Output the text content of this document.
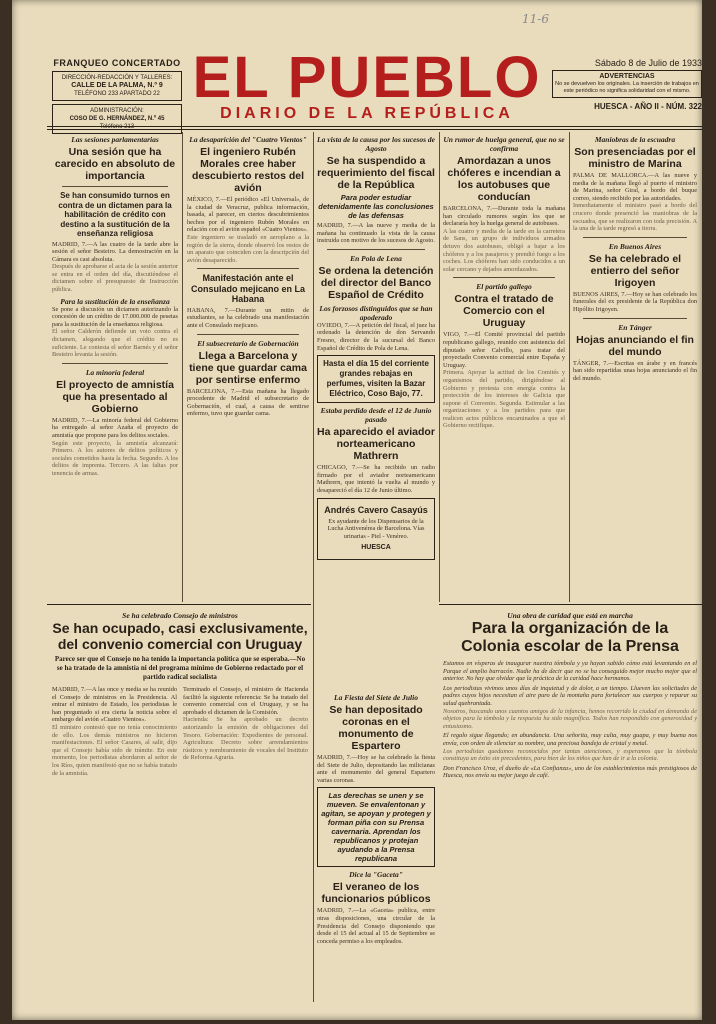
11-6
FRANQUEO CONCERTADO
DIRECCIÓN-REDACCIÓN Y TALLERES:
CALLE DE LA PALMA, N.º 9
TELÉFONO 233 APARTADO 22
ADMINISTRACIÓN:
COSO DE G. HERNÁNDEZ, N.º 45
Teléfono 213
EL PUEBLO
DIARIO DE LA REPÚBLICA
Sábado 8 de Julio de 1933
ADVERTENCIAS
No se devuelven los originales. La inserción de trabajos en este periódico no significa solidaridad con el mismo.
HUESCA - AÑO II - NÚM. 322
Las sesiones parlamentarias
Una sesión que ha carecido en absoluto de importancia
Se han consumido turnos en contra de un dictamen para la habilitación de crédito con destino a la sustitución de la enseñanza religiosa
MADRID, 7.—A las cuatro de la tarde abre la sesión el señor Besteiro. La demostración en la Cámara es casi absoluta.
Después de aprobarse el acta de la sesión anterior se entra en el orden del día, discutiéndose el dictamen sobre el presupuesto de Instrucción pública.
Para la sustitución de la enseñanza
Se pone a discusión un dictamen autorizando la concesión de un crédito de 17.000.000 de pesetas para la sustitución de la enseñanza religiosa.
El señor Calderón defiende un voto contra el dictamen, alegando que el crédito no es suficiente. Le contesta el señor Barnés y el señor Besteiro levanta la sesión.
La minoría federal
El proyecto de amnistía que ha presentado al Gobierno
MADRID, 7.—La minoría federal del Gobierno ha entregado al señor Azaña el proyecto de amnistía que propone para los delitos sociales.
Según este proyecto, la amnistía alcanzará: Primero. A los autores de delitos políticos y sociales cometidos hasta la fecha. Segundo. A los delitos de imprenta. Tercero. A las faltas por tenencia de armas.
La desaparición del "Cuatro Vientos"
El ingeniero Rubén Morales cree haber descubierto restos del avión
MÉXICO, 7.—El periódico «El Universal», de la ciudad de Veracruz, publica información, basada, al parecer, en ciertos descubrimientos hechos por el ingeniero Rubén Morales en relación con el avión español «Cuatro Vientos».
Este ingeniero se trasladó en aeroplano a la región de la sierra, donde observó los restos de un aparato que coinciden con la descripción del avión desaparecido.
Manifestación ante el Consulado mejicano en La Habana
HABANA, 7.—Durante un mitin de estudiantes, se ha celebrado una manifestación ante el Consulado mejicano.
El subsecretario de Gobernación
Llega a Barcelona y tiene que guardar cama por sentirse enfermo
BARCELONA, 7.—Esta mañana ha llegado procedente de Madrid el subsecretario de Gobernación, el cual, a causa de sentirse enfermo, tuvo que guardar cama.
La vista de la causa por los sucesos de Agosto
Se ha suspendido a requerimiento del fiscal de la República
Para poder estudiar detenidamente las conclusiones de las defensas
MADRID, 7.—A las nueve y media de la mañana ha continuado la vista de la causa instruida con motivo de los sucesos de Agosto.
En Pola de Lena
Se ordena la detención del director del Banco Español de Crédito
Los forzosos distinguidos que se han apoderado
OVIEDO, 7.—A petición del fiscal, el juez ha ordenado la detención de don Servando Fresno, director de la sucursal del Banco Español de Crédito de Pola de Lena.
Hasta el día 15 del corriente grandes rebajas en perfumes, visiten la Bazar Eléctrico, Coso Bajo, 77.
Estaba perdido desde el 12 de Junio pasado
Ha aparecido el aviador norteamericano Mathrern
CHICAGO, 7.—Se ha recibido un radio firmado por el aviador norteamericano Mathrern, que intentó la vuelta al mundo y desapareció el día 12 de Junio último.
Andrés Cavero Casayús
Ex ayudante de los Dispensarios de la Lucha Antivenérea de Barcelona. Vías urinarias - Piel - Venéreo.
HUESCA
Un rumor de huelga general, que no se confirma
Amordazan a unos chóferes e incendian a los autobuses que conducían
BARCELONA, 7.—Durante toda la mañana han circulado rumores según los que se declararía hoy la huelga general de autobuses.
A las cuatro y media de la tarde en la carretera de Sans, un grupo de individuos armados detuvo dos autobuses, obligó a bajar a los chóferes y a los pasajeros y prendió fuego a los coches. Los chóferes han sido conducidos a un solar cercano y dejados amordazados.
El partido gallego
Contra el tratado de Comercio con el Uruguay
VIGO, 7.—El Comité provincial del partido republicano gallego, reunido con asistencia del diputado señor Calvillo, para tratar del proyectado Convenio comercial entre España y Uruguay.
Primera. Apoyar la actitud de los Comités y organismos del partido, dirigiéndose al Gobierno y protesta con energía contra la protección de los intereses de Galicia que supone el Convenio. Segunda. Estimular a las organizaciones y a los partidos para que realicen actos públicos encaminados a que el Gobierno rectifique.
Maniobras de la escuadra
Son presenciadas por el ministro de Marina
PALMA DE MALLORCA.—A las nueve y media de la mañana llegó al puerto el ministro de Marina, señor Giral, a bordo del buque correo, siendo recibido por las autoridades.
Inmediatamente el ministro pasó a bordo del crucero donde presenció las maniobras de la escuadra, que se realizaron con toda precisión. A la una de la tarde regresó a tierra.
En Buenos Aires
Se ha celebrado el entierro del señor Irigoyen
BUENOS AIRES, 7.—Hoy se han celebrado los funerales del ex presidente de la República don Hipólito Irigoyen.
En Tánger
Hojas anunciando el fin del mundo
TÁNGER, 7.—Escritas en árabe y en francés han sido repartidas unas hojas anunciando el fin del mundo.
Se ha celebrado Consejo de ministros
Se han ocupado, casi exclusivamente, del convenio comercial con Uruguay
Parece ser que el Consejo no ha tenido la importancia política que se esperaba.—No se ha tratado de la amnistía ni del programa mínimo de Gobierno redactado por el partido radical socialista
MADRID, 7.—A las once y media se ha reunido el Consejo de ministros en la Presidencia. Al entrar el ministro de Estado, los periodistas le han preguntado si era cierta la noticia sobre el embargo del avión «Cuatro Vientos».
El ministro contestó que no tenía conocimiento de ello. Los demás ministros no hicieron manifestaciones. El señor Casares, al salir, dijo que el Consejo había sido de trámite. En este momento, los periodistas abordaron al señor de los Ríos, quien manifestó que no se había tratado de la amnistía.
Terminado el Consejo, el ministro de Hacienda facilitó la siguiente referencia: Se ha tratado del convenio comercial con el Uruguay, y se ha aprobado el dictamen de la Comisión.
Hacienda: Se ha aprobado un decreto autorizando la emisión de obligaciones del Tesoro. Gobernación: Expedientes de personal. Agricultura: Decreto sobre arrendamientos rústicos y nombramiento de vocales del Instituto de Reforma Agraria.
La Fiesta del Siete de Julio
Se han depositado coronas en el monumento de Espartero
MADRID, 7.—Hoy se ha celebrado la fiesta del Siete de Julio, depositando las milicianas ante el monumento del general Espartero varias coronas.
Las derechas se unen y se mueven. Se envalentonan y agitan, se apoyan y protegen y forman piña con su Prensa cavernaria. Aprendan los republicanos y protejan ayudando a la Prensa republicana
Dice la "Gaceta"
El veraneo de los funcionarios públicos
MADRID, 7.—La «Gaceta» publica, entre otras disposiciones, una circular de la Presidencia del Consejo disponiendo que desde el 15 del actual al 15 de Septiembre se conceda permiso a los empleados.
Una obra de caridad que está en marcha
Para la organización de la Colonia escolar de la Prensa
Estamos en vísperas de inaugurar nuestra tómbola y ya hayan sabido cómo está levantando en el Parque el amplio barracón. Nadie ha de decir que no se ha conseguido mejor mucho mejor que el anterior. No hay que olvidar que la práctica de la caridad hace hermanos.
Los periodistas vivimos unos días de inquietud y de dolor, a un tiempo. Llueven las solicitudes de padres cuyos hijos necesitan el aire puro de la montaña para fortalecer sus cuerpos y reparar su salud quebrantada.
Nosotros, buscando unos cuantos amigos de la infancia, hemos recorrido la ciudad en demanda de objetos para la tómbola y la respuesta ha sido magnífica. Todos han respondido con generosidad y entusiasmo.
El regalo sigue llegando; en abundancia. Una señorita, muy culta, muy guapa, y muy buena nos envía, con orden de silenciar su nombre, una preciosa bandeja de cristal y metal.
Los periodistas quedamos reconocidos por tantas atenciones, y esperamos que la tómbola constituya un éxito sin precedentes, para bien de los niños que han de ir a la colonia.
Don Francisco Uroz, el dueño de «La Confianza», uno de los establecimientos más prestigiosos de Huesca, nos envía su mejor juego de café.
